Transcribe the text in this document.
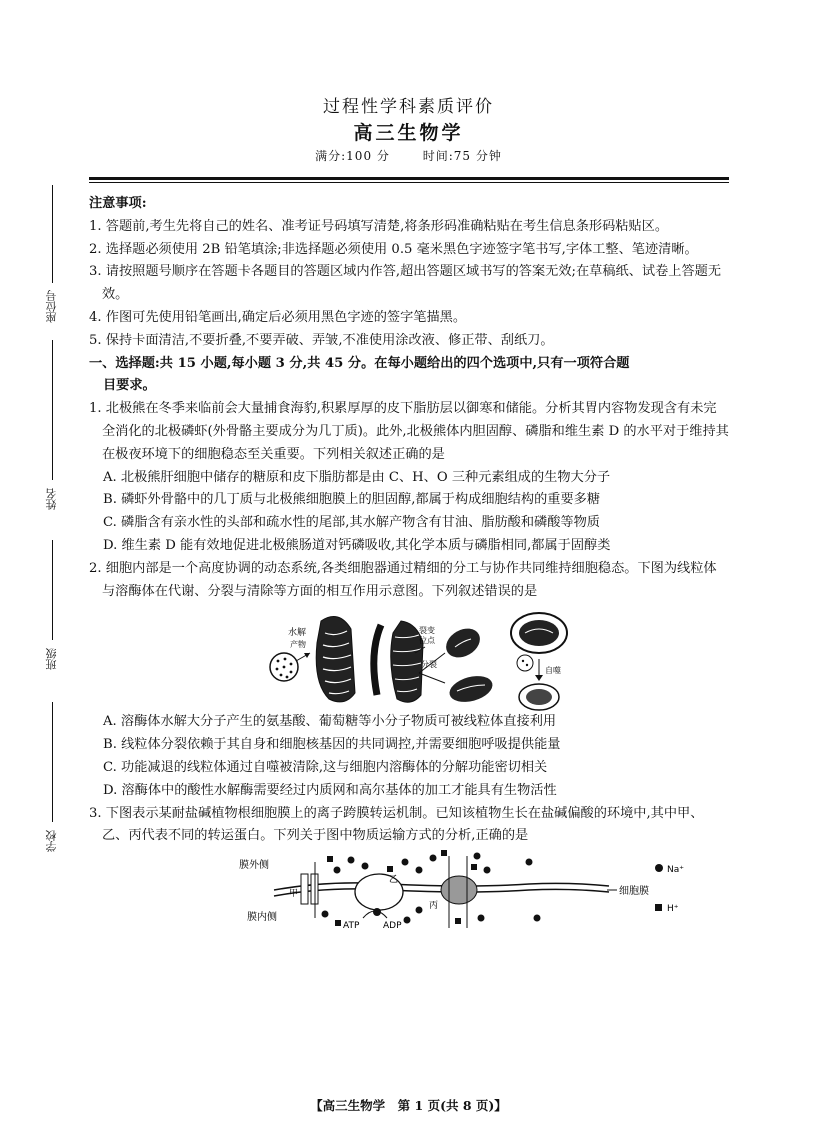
过程性学科素质评价
高三生物学
满分:100 分	时间:75 分钟
座位号
姓名
班级
学校

注意事项:

1. 答题前,考生先将自己的姓名、准考证号码填写清楚,将条形码准确粘贴在考生信息条形码粘贴区。

2. 选择题必须使用 2B 铅笔填涂;非选择题必须使用 0.5 毫米黑色字迹签字笔书写,字体工整、笔迹清晰。

3. 请按照题号顺序在答题卡各题目的答题区域内作答,超出答题区域书写的答案无效;在草稿纸、试卷上答题无效。

4. 作图可先使用铅笔画出,确定后必须用黑色字迹的签字笔描黑。

5. 保持卡面清洁,不要折叠,不要弄破、弄皱,不准使用涂改液、修正带、刮纸刀。

一、选择题:共 15 小题,每小题 3 分,共 45 分。在每小题给出的四个选项中,只有一项符合题

目要求。

1. 北极熊在冬季来临前会大量捕食海豹,积累厚厚的皮下脂肪层以御寒和储能。分析其胃内容物发现含有未完全消化的北极磷虾(外骨骼主要成分为几丁质)。此外,北极熊体内胆固醇、磷脂和维生素 D 的水平对于维持其在极夜环境下的细胞稳态至关重要。下列相关叙述正确的是

A. 北极熊肝细胞中储存的糖原和皮下脂肪都是由 C、H、O 三种元素组成的生物大分子

B. 磷虾外骨骼中的几丁质与北极熊细胞膜上的胆固醇,都属于构成细胞结构的重要多糖

C. 磷脂含有亲水性的头部和疏水性的尾部,其水解产物含有甘油、脂肪酸和磷酸等物质

D. 维生素 D 能有效地促进北极熊肠道对钙磷吸收,其化学本质与磷脂相同,都属于固醇类

2. 细胞内部是一个高度协调的动态系统,各类细胞器通过精细的分工与协作共同维持细胞稳态。下图为线粒体与溶酶体在代谢、分裂与清除等方面的相互作用示意图。下列叙述错误的是

水解
产物
裂变
位点
分裂
自噬

A. 溶酶体水解大分子产生的氨基酸、葡萄糖等小分子物质可被线粒体直接利用

B. 线粒体分裂依赖于其自身和细胞核基因的共同调控,并需要细胞呼吸提供能量

C. 功能减退的线粒体通过自噬被清除,这与细胞内溶酶体的分解功能密切相关

D. 溶酶体中的酸性水解酶需要经过内质网和高尔基体的加工才能具有生物活性

3. 下图表示某耐盐碱植物根细胞膜上的离子跨膜转运机制。已知该植物生长在盐碱偏酸的环境中,其中甲、乙、丙代表不同的转运蛋白。下列关于图中物质运输方式的分析,正确的是

膜外侧
膜内侧
细胞膜
甲
乙
ATP	ADP
丙
Na⁺
H⁺
【高三生物学　第 1 页(共 8 页)】
